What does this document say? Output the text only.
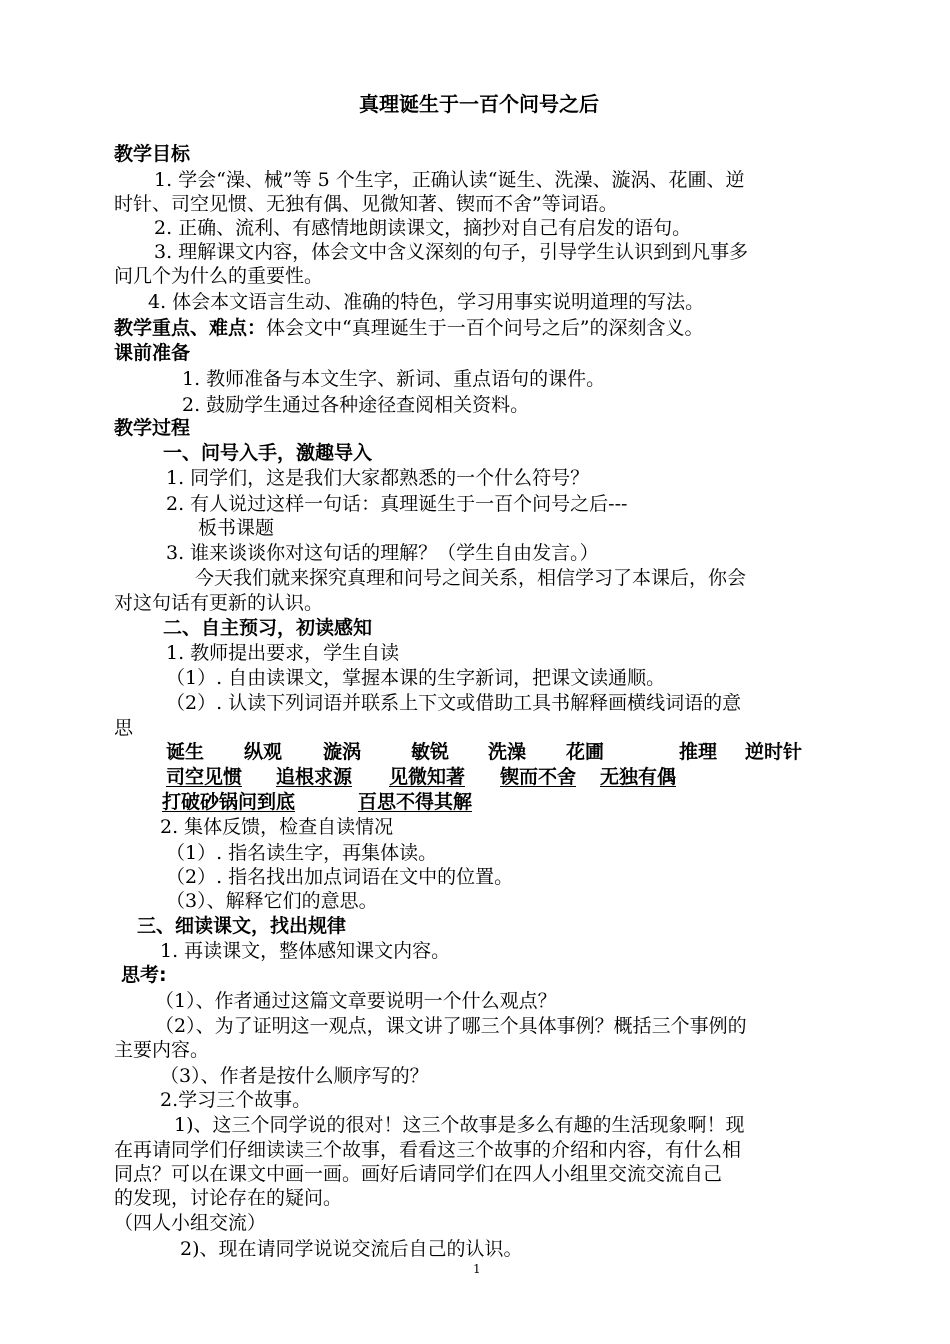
真理诞生于一百个问号之后
教学目标
1. 学会“澡、械”等 5 个生字，正确认读“诞生、洗澡、漩涡、花圃、逆
时针、司空见惯、无独有偶、见微知著、锲而不舍”等词语。
2. 正确、流利、有感情地朗读课文，摘抄对自己有启发的语句。
3. 理解课文内容，体会文中含义深刻的句子，引导学生认识到到凡事多
问几个为什么的重要性。
4. 体会本文语言生动、准确的特色，学习用事实说明道理的写法。
教学重点、难点：体会文中“真理诞生于一百个问号之后”的深刻含义。
课前准备
1. 教师准备与本文生字、新词、重点语句的课件。
2. 鼓励学生通过各种途径查阅相关资料。
教学过程
一、问号入手，激趣导入
1. 同学们，这是我们大家都熟悉的一个什么符号？
2. 有人说过这样一句话：真理诞生于一百个问号之后---
板书课题
3. 谁来谈谈你对这句话的理解？（学生自由发言。）
今天我们就来探究真理和问号之间关系，相信学习了本课后，你会
对这句话有更新的认识。
二、自主预习，初读感知
1. 教师提出要求，学生自读
（1）. 自由读课文，掌握本课的生字新词，把课文读通顺。
（2）. 认读下列词语并联系上下文或借助工具书解释画横线词语的意
思
诞生 纵观 漩涡	敏锐 洗澡 花圃	推理 逆时针
司空见惯 追根求源 见微知著 锲而不舍 无独有偶
打破砂锅问到底	百思不得其解
2. 集体反馈，检查自读情况
（1）. 指名读生字，再集体读。
（2）. 指名找出加点词语在文中的位置。
（3）、解释它们的意思。
三、细读课文，找出规律
1. 再读课文，整体感知课文内容。
思考:
（1）、作者通过这篇文章要说明一个什么观点？
（2）、为了证明这一观点，课文讲了哪三个具体事例？概括三个事例的
主要内容。
（3）、作者是按什么顺序写的？
2.学习三个故事。
1)、这三个同学说的很对！这三个故事是多么有趣的生活现象啊！现
在再请同学们仔细读读三个故事，看看这三个故事的介绍和内容，有什么相
同点？可以在课文中画一画。画好后请同学们在四人小组里交流交流自己
的发现，讨论存在的疑问。
（四人小组交流）
2)、现在请同学说说交流后自己的认识。
1
